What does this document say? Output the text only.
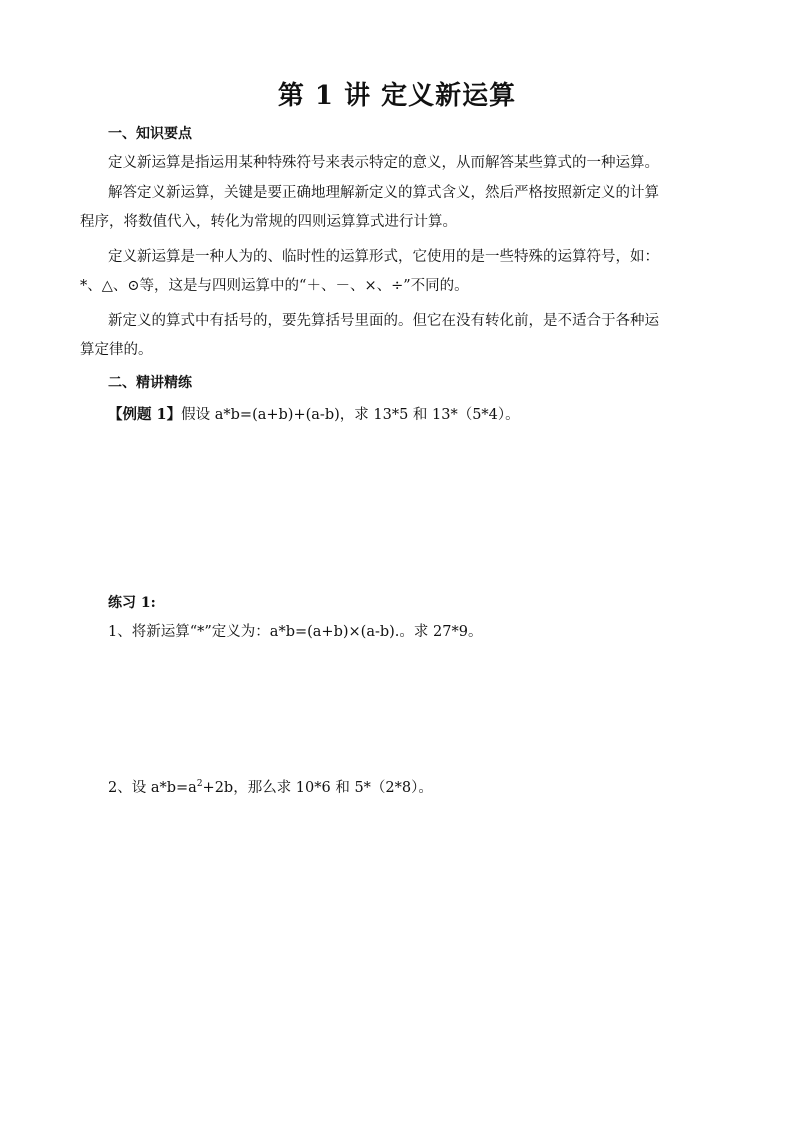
第 1 讲 定义新运算
一、知识要点
定义新运算是指运用某种特殊符号来表示特定的意义，从而解答某些算式的一种运算。
解答定义新运算，关键是要正确地理解新定义的算式含义，然后严格按照新定义的计算
程序，将数值代入，转化为常规的四则运算算式进行计算。
定义新运算是一种人为的、临时性的运算形式，它使用的是一些特殊的运算符号，如：
*、△、⊙等，这是与四则运算中的“＋、－、×、÷”不同的。
新定义的算式中有括号的，要先算括号里面的。但它在没有转化前，是不适合于各种运
算定律的。
二、精讲精练
【例题 1】假设 a*b=(a+b)+(a-b)，求 13*5 和 13*（5*4）。
练习 1:
1、将新运算“*”定义为：a*b=(a+b)×(a-b).。求 27*9。
2、设 $a*b=a^2+2b$，那么求 10*6 和 5*（2*8）。
